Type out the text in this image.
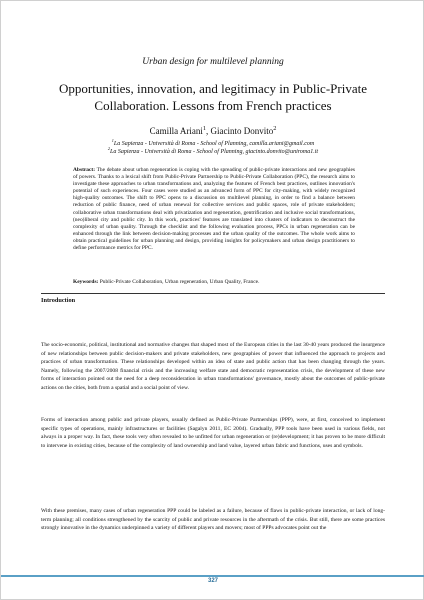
Urban design for multilevel planning
Opportunities, innovation, and legitimacy in Public-Private Collaboration. Lessons from French practices
Camilla Ariani$^1$, Giacinto Donvito$^2$
$^1$La Sapienza - Università di Roma - School of Planning, camilla.ariani@gmail.com
$^2$La Sapienza - Università di Roma - School of Planning, giacinto.donvito@uniroma1.it
Abstract: The debate about urban regeneration is coping with the spreading of public-private interactions and new geographies of powers. Thanks to a lexical shift from Public-Private Partnership to Public-Private Collaboration (PPC), the research aims to investigate these approaches to urban transformations and, analyzing the features of French best practices, outlines innovation's potential of such experiences. Four cases were studied as an advanced form of PPC for city-making, with widely recognized high-quality outcomes. The shift to PPC opens to a discussion on multilevel planning, in order to find a balance between reduction of public finance, need of urban renewal for collective services and public spaces, role of private stakeholders; collaborative urban transformations deal with privatization and regeneration, gentrification and inclusive social transformations, (neo)liberal city and public city. In this work, practices' features are translated into clusters of indicators to deconstruct the complexity of urban quality. Through the checklist and the following evaluation process, PPCs in urban regeneration can be enhanced through the link between decision-making processes and the urban quality of the outcomes. The whole work aims to obtain practical guidelines for urban planning and design, providing insights for policymakers and urban design practitioners to define performance metrics for PPC.
Keywords: Public-Private Collaboration, Urban regeneration, Urban Quality, France.
Introduction
The socio-economic, political, institutional and normative changes that shaped most of the European cities in the last 30-40 years produced the insurgence of new relationships between public decision-makers and private stakeholders, new geographies of power that influenced the approach to projects and practices of urban transformation. These relationships developed within an idea of state and public action that has been changing through the years. Namely, following the 2007/2008 financial crisis and the increasing welfare state and democratic representation crisis, the development of these new forms of interaction pointed out the need for a deep reconsideration in urban transformations' governance, mostly about the outcomes of public-private actions on the cities, both from a spatial and a social point of view.
Forms of interaction among public and private players, usually defined as Public-Private Partnerships (PPP), were, at first, conceived to implement specific types of operations, mainly infrastructures or facilities (Sagalyn 2011, EC 2004). Gradually, PPP tools have been used in various fields, not always in a proper way. In fact, these tools very often revealed to be unfitted for urban regeneration or (re)development; it has proven to be more difficult to intervene in existing cities, because of the complexity of land ownership and land value, layered urban fabric and functions, uses and symbols.
With these premises, many cases of urban regeneration PPP could be labeled as a failure, because of flaws in public-private interaction, or lack of long-term planning; all conditions strengthened by the scarcity of public and private resources in the aftermath of the crisis. But still, there are some practices strongly innovative in the dynamics underpinned a variety of different players and movers; most of PPPs advocates point out the
327
